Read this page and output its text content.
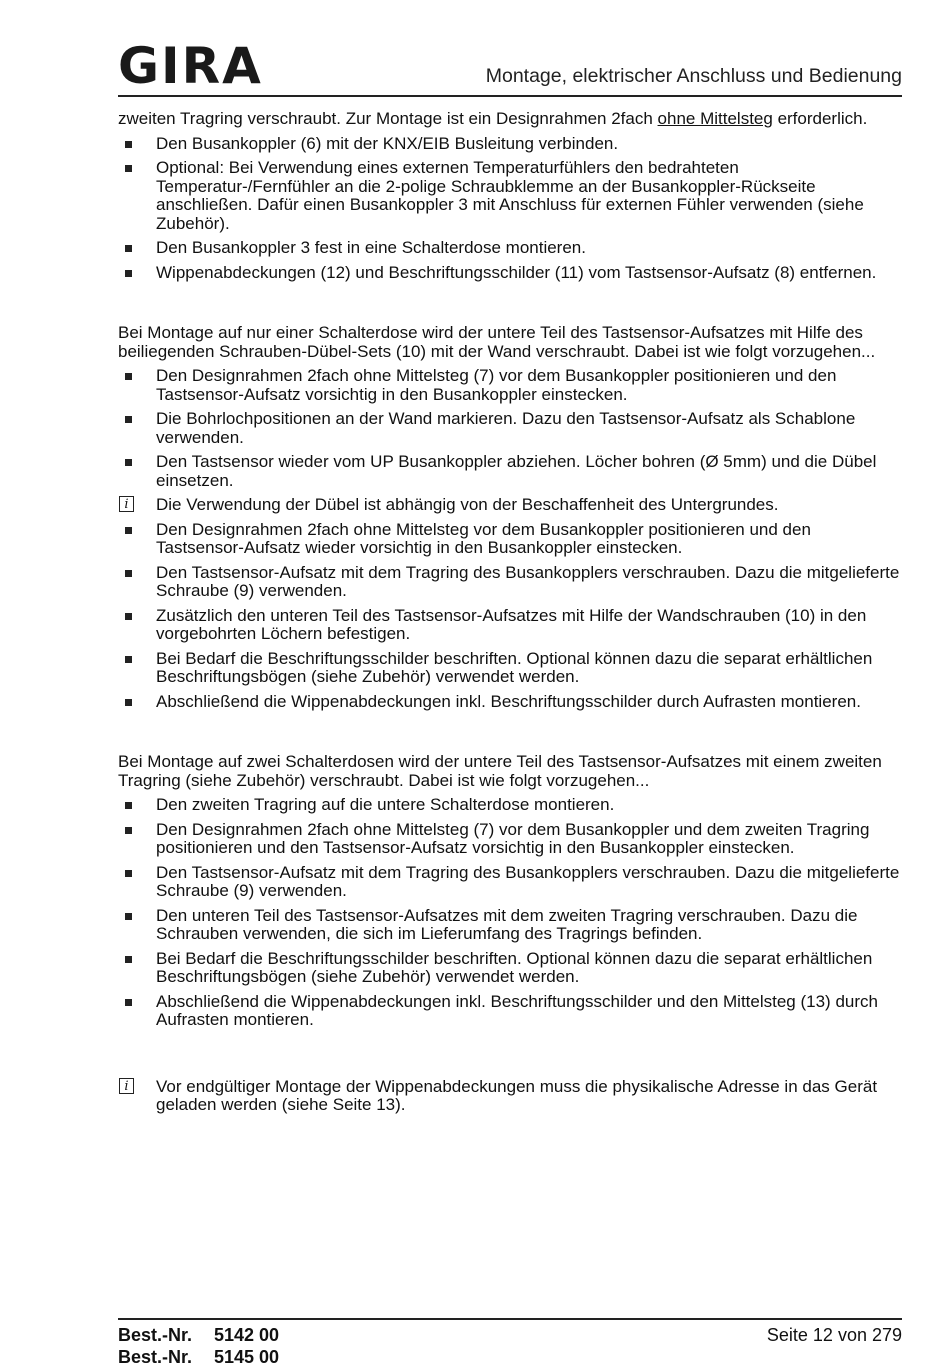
GIRA	Montage, elektrischer Anschluss und Bedienung

zweiten Tragring verschraubt. Zur Montage ist ein Designrahmen 2fach ohne Mittelsteg erforderlich.

Den Busankoppler (6) mit der KNX/EIB Busleitung verbinden.
Optional: Bei Verwendung eines externen Temperaturfühlers den bedrahteten Temperatur-/Fernfühler an die 2-polige Schraubklemme an der Busankoppler-Rückseite anschließen. Dafür einen Busankoppler 3 mit Anschluss für externen Fühler verwenden (siehe Zubehör).
Den Busankoppler 3 fest in eine Schalterdose montieren.
Wippenabdeckungen (12) und Beschriftungsschilder (11) vom Tastsensor-Aufsatz (8) entfernen.

Bei Montage auf nur einer Schalterdose wird der untere Teil des Tastsensor-Aufsatzes mit Hilfe des beiliegenden Schrauben-Dübel-Sets (10) mit der Wand verschraubt. Dabei ist wie folgt vorzugehen...

Den Designrahmen 2fach ohne Mittelsteg (7) vor dem Busankoppler positionieren und den Tastsensor-Aufsatz vorsichtig in den Busankoppler einstecken.
Die Bohrlochpositionen an der Wand markieren. Dazu den Tastsensor-Aufsatz als Schablone verwenden.
Den Tastsensor wieder vom UP Busankoppler abziehen. Löcher bohren (Ø 5mm) und die Dübel einsetzen.
i	Die Verwendung der Dübel ist abhängig von der Beschaffenheit des Untergrundes.
Den Designrahmen 2fach ohne Mittelsteg vor dem Busankoppler positionieren und den Tastsensor-Aufsatz wieder vorsichtig in den Busankoppler einstecken.
Den Tastsensor-Aufsatz mit dem Tragring des Busankopplers verschrauben. Dazu die mitgelieferte Schraube (9) verwenden.
Zusätzlich den unteren Teil des Tastsensor-Aufsatzes mit Hilfe der Wandschrauben (10) in den vorgebohrten Löchern befestigen.
Bei Bedarf die Beschriftungsschilder beschriften. Optional können dazu die separat erhältlichen Beschriftungsbögen (siehe Zubehör) verwendet werden.
Abschließend die Wippenabdeckungen inkl. Beschriftungsschilder durch Aufrasten montieren.

Bei Montage auf zwei Schalterdosen wird der untere Teil des Tastsensor-Aufsatzes mit einem zweiten Tragring (siehe Zubehör) verschraubt. Dabei ist wie folgt vorzugehen...

Den zweiten Tragring auf die untere Schalterdose montieren.
Den Designrahmen 2fach ohne Mittelsteg (7) vor dem Busankoppler und dem zweiten Tragring positionieren und den Tastsensor-Aufsatz vorsichtig in den Busankoppler einstecken.
Den Tastsensor-Aufsatz mit dem Tragring des Busankopplers verschrauben. Dazu die mitgelieferte Schraube (9) verwenden.
Den unteren Teil des Tastsensor-Aufsatzes mit dem zweiten Tragring verschrauben. Dazu die Schrauben verwenden, die sich im Lieferumfang des Tragrings befinden.
Bei Bedarf die Beschriftungsschilder beschriften. Optional können dazu die separat erhältlichen Beschriftungsbögen (siehe Zubehör) verwendet werden.
Abschließend die Wippenabdeckungen inkl. Beschriftungsschilder und den Mittelsteg (13) durch Aufrasten montieren.
i	Vor endgültiger Montage der Wippenabdeckungen muss die physikalische Adresse in das Gerät geladen werden (siehe Seite 13).
Best.-Nr. 5142 00
Best.-Nr. 5145 00
Seite 12 von 279
